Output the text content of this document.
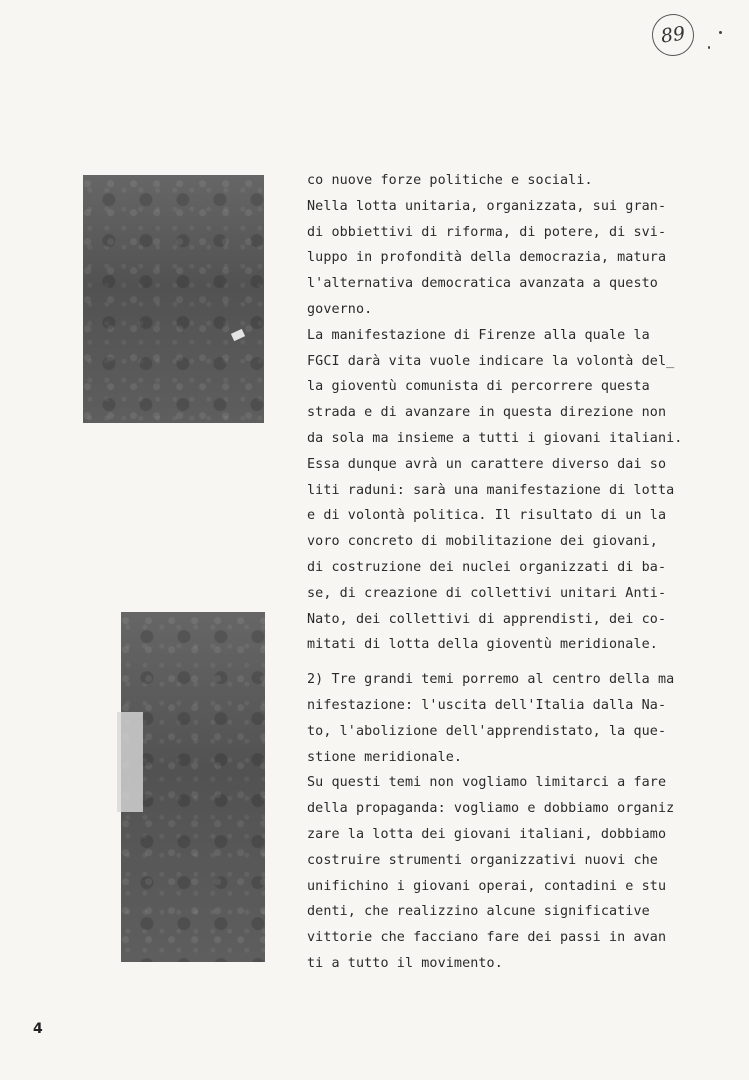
89
co nuove forze politiche e sociali.
Nella lotta unitaria, organizzata, sui gran-
di obbiettivi di riforma, di potere, di svi-
luppo in profondità della democrazia, matura
l'alternativa democratica avanzata a questo
governo.
La manifestazione di Firenze alla quale la
FGCI darà vita vuole indicare la volontà del_
la gioventù comunista di percorrere questa
strada e di avanzare in questa direzione non
da sola ma insieme a tutti i giovani italiani.
Essa dunque avrà un carattere diverso dai so
liti raduni: sarà una manifestazione di lotta
e di volontà politica. Il risultato di un la
voro concreto di mobilitazione dei giovani,
di costruzione dei nuclei organizzati di ba-
se, di creazione di collettivi unitari Anti-
Nato, dei collettivi di apprendisti, dei co-
mitati di lotta della gioventù meridionale.
2) Tre grandi temi porremo al centro della ma
nifestazione: l'uscita dell'Italia dalla Na-
to, l'abolizione dell'apprendistato, la que-
stione meridionale.
Su questi temi non vogliamo limitarci a fare
della propaganda: vogliamo e dobbiamo organiz
zare la lotta dei giovani italiani, dobbiamo
costruire strumenti organizzativi nuovi che
unifichino i giovani operai, contadini e stu
denti, che realizzino alcune significative
vittorie che facciano fare dei passi in avan
ti a tutto il movimento.
4
